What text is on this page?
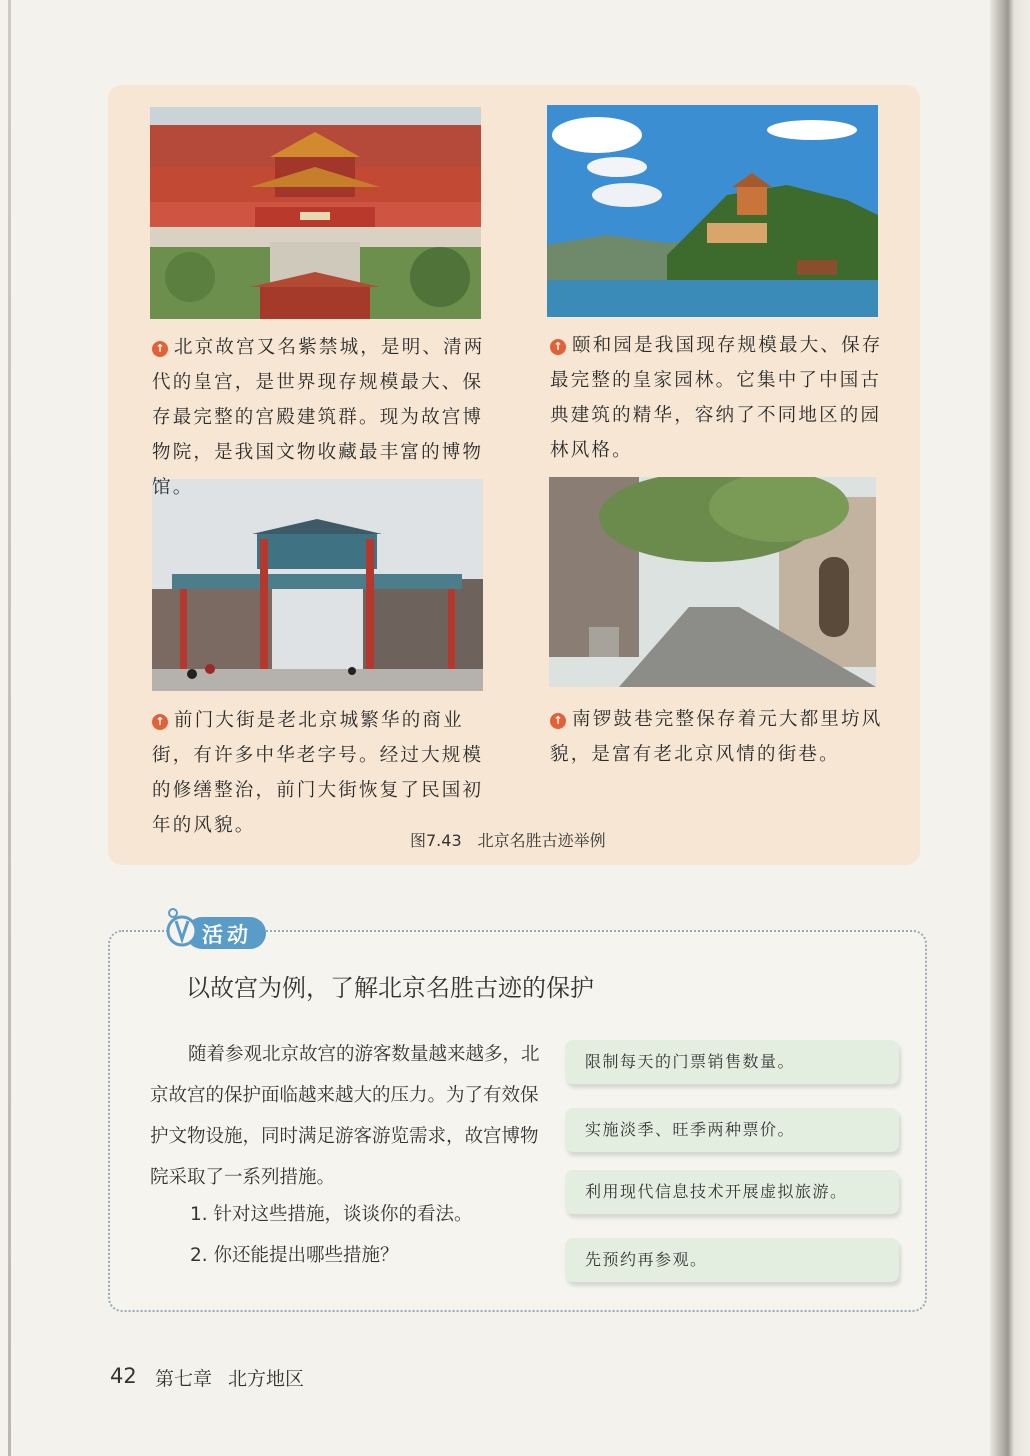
↑ 北京故宫又名紫禁城，是明、清两代的皇宫，是世界现存规模最大、保存最完整的宫殿建筑群。现为故宫博物院，是我国文物收藏最丰富的博物馆。
↑ 颐和园是我国现存规模最大、保存最完整的皇家园林。它集中了中国古典建筑的精华，容纳了不同地区的园林风格。
↑ 前门大街是老北京城繁华的商业街，有许多中华老字号。经过大规模的修缮整治，前门大街恢复了民国初年的风貌。
↑ 南锣鼓巷完整保存着元大都里坊风貌，是富有老北京风情的街巷。
图7.43 北京名胜古迹举例
活动
以故宫为例，了解北京名胜古迹的保护

随着参观北京故宫的游客数量越来越多，北京故宫的保护面临越来越大的压力。为了有效保护文物设施，同时满足游客游览需求，故宫博物院采取了一系列措施。

1. 针对这些措施，谈谈你的看法。
2. 你还能提出哪些措施？
限制每天的门票销售数量。
实施淡季、旺季两种票价。
利用现代信息技术开展虚拟旅游。
先预约再参观。
42 第七章 北方地区
